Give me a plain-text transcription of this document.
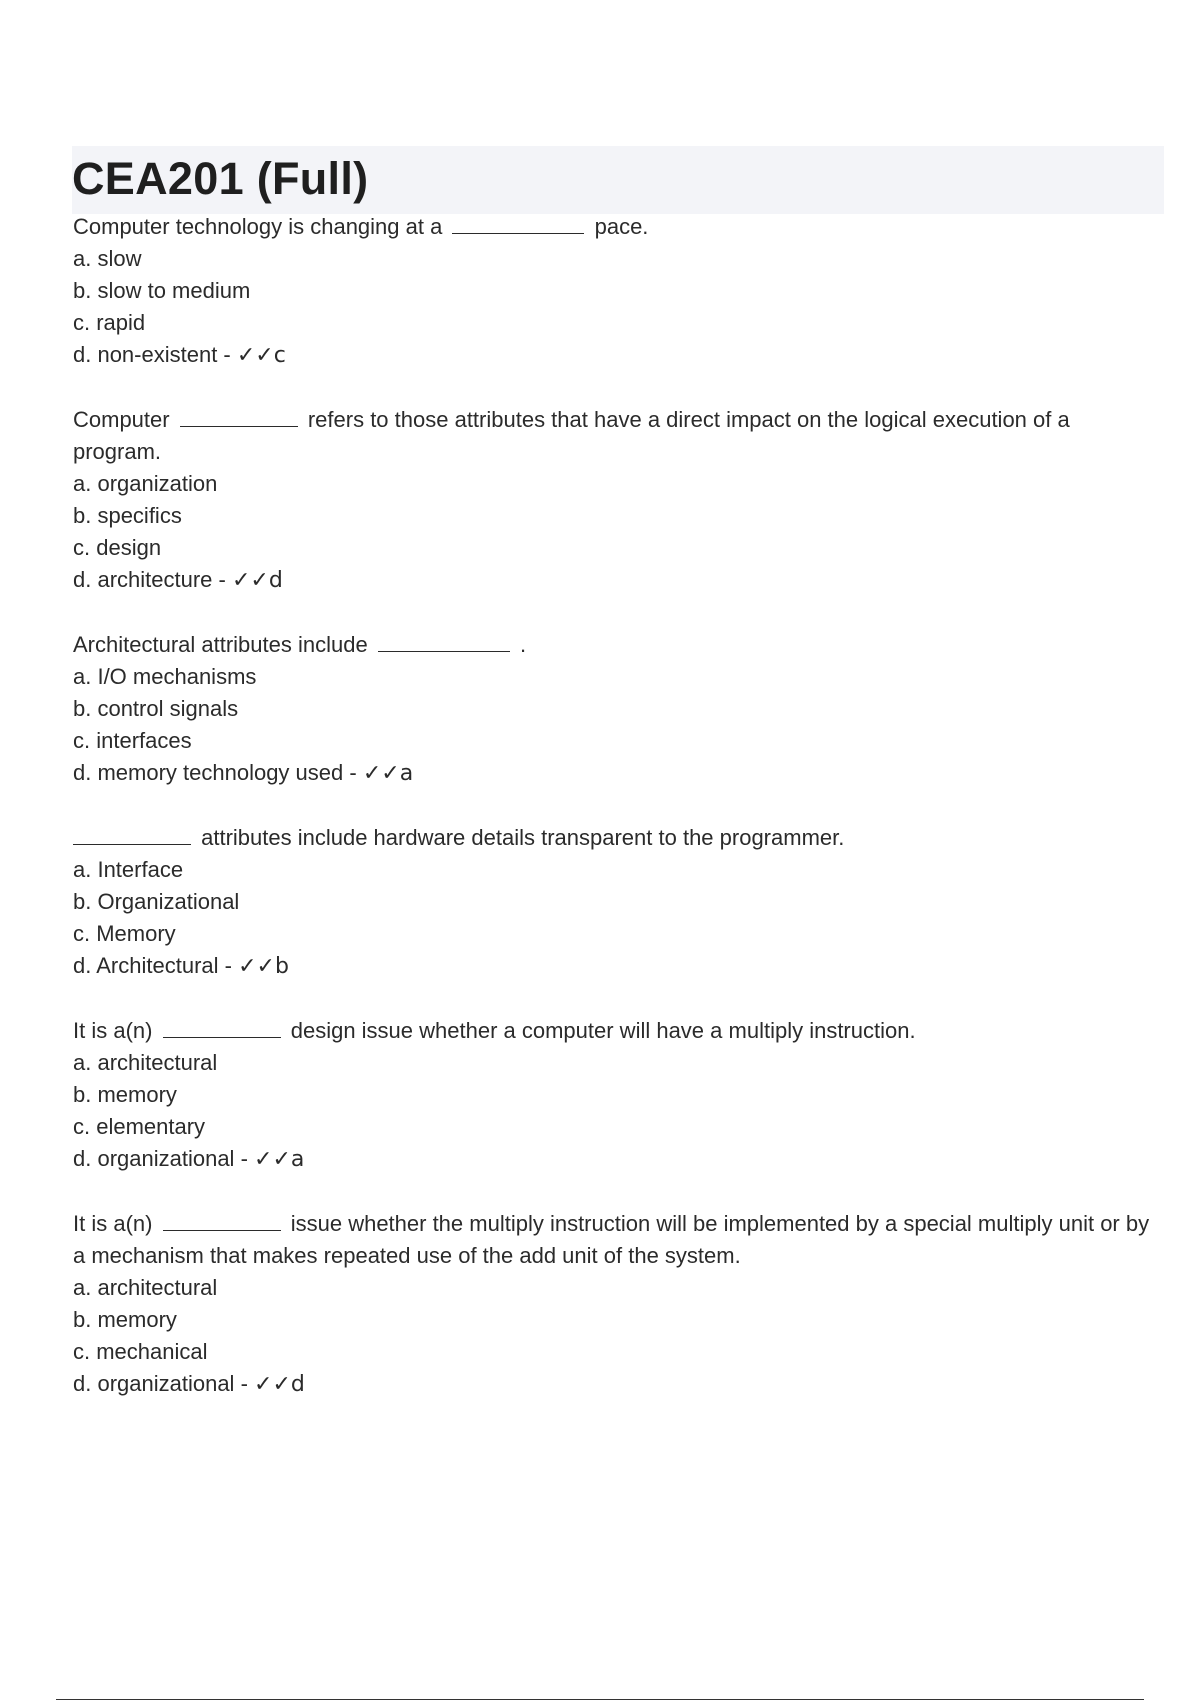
CEA201 (Full)

Computer technology is changing at a	pace.

a. slow

b. slow to medium

c. rapid

d. non-existent - ✓✓c

Computer	refers to those attributes that have a direct impact on the logical execution of a program.

a. organization

b. specifics

c. design

d. architecture - ✓✓d

Architectural attributes include	.

a. I/O mechanisms

b. control signals

c. interfaces

d. memory technology used - ✓✓a

attributes include hardware details transparent to the programmer.

a. Interface

b. Organizational

c. Memory

d. Architectural - ✓✓b

It is a(n)	design issue whether a computer will have a multiply instruction.

a. architectural

b. memory

c. elementary

d. organizational - ✓✓a

It is a(n)	issue whether the multiply instruction will be implemented by a special multiply unit or by a mechanism that makes repeated use of the add unit of the system.

a. architectural

b. memory

c. mechanical

d. organizational - ✓✓d
